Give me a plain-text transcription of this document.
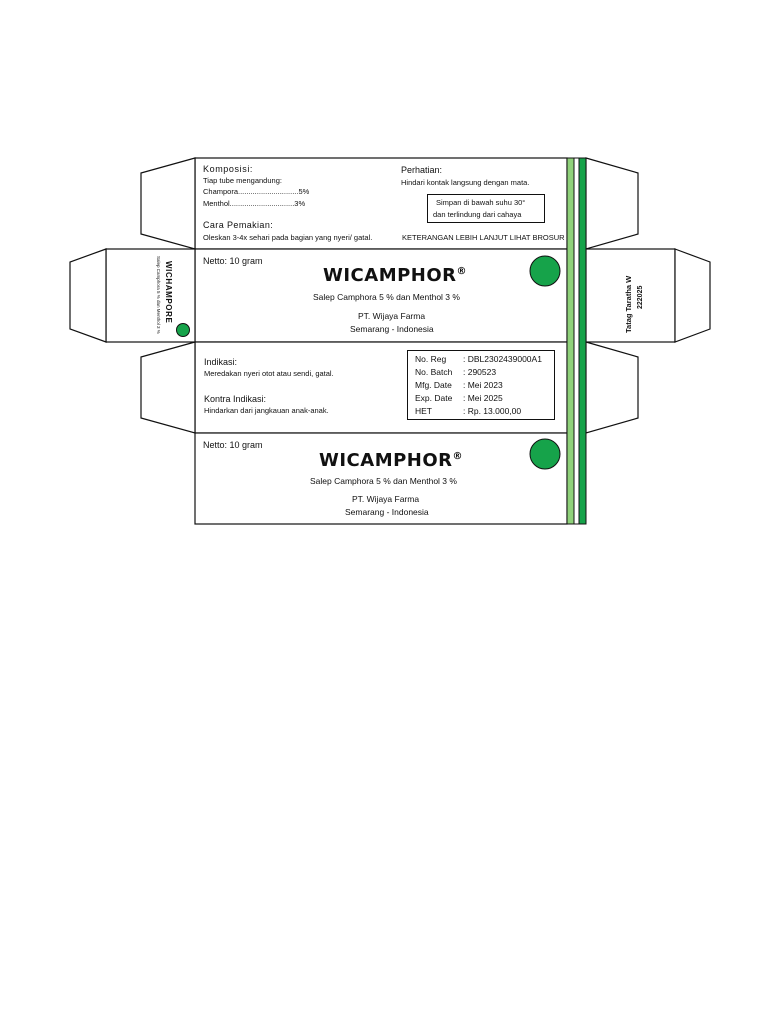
Komposisi:
Tiap tube mengandung:
Champora.............................5%
Menthol...............................3%
Cara Pemakian:
Oleskan 3-4x sehari pada bagian yang nyeri/ gatal.
Perhatian:
Hindari kontak langsung dengan mata.
Simpan di bawah suhu 30°
dan terlindung dari cahaya
KETERANGAN LEBIH LANJUT LIHAT BROSUR
Netto: 10 gram
WICAMPHOR®
Salep Camphora 5 % dan Menthol 3 %
PT. Wijaya Farma
Semarang - Indonesia
WICHAMPORE
Salep Camphora 5 % dan Menthol 3 %	Tatag Taratha W 222025
Indikasi:
Meredakan nyeri otot atau sendi, gatal.
Kontra Indikasi:
Hindarkan dari jangkauan anak-anak.
No. Reg	: DBL2302439000A1
No. Batch	: 290523
Mfg. Date	: Mei 2023
Exp. Date	: Mei 2025
HET	: Rp. 13.000,00
Netto: 10 gram
WICAMPHOR®
Salep Camphora 5 % dan Menthol 3 %
PT. Wijaya Farma
Semarang - Indonesia
